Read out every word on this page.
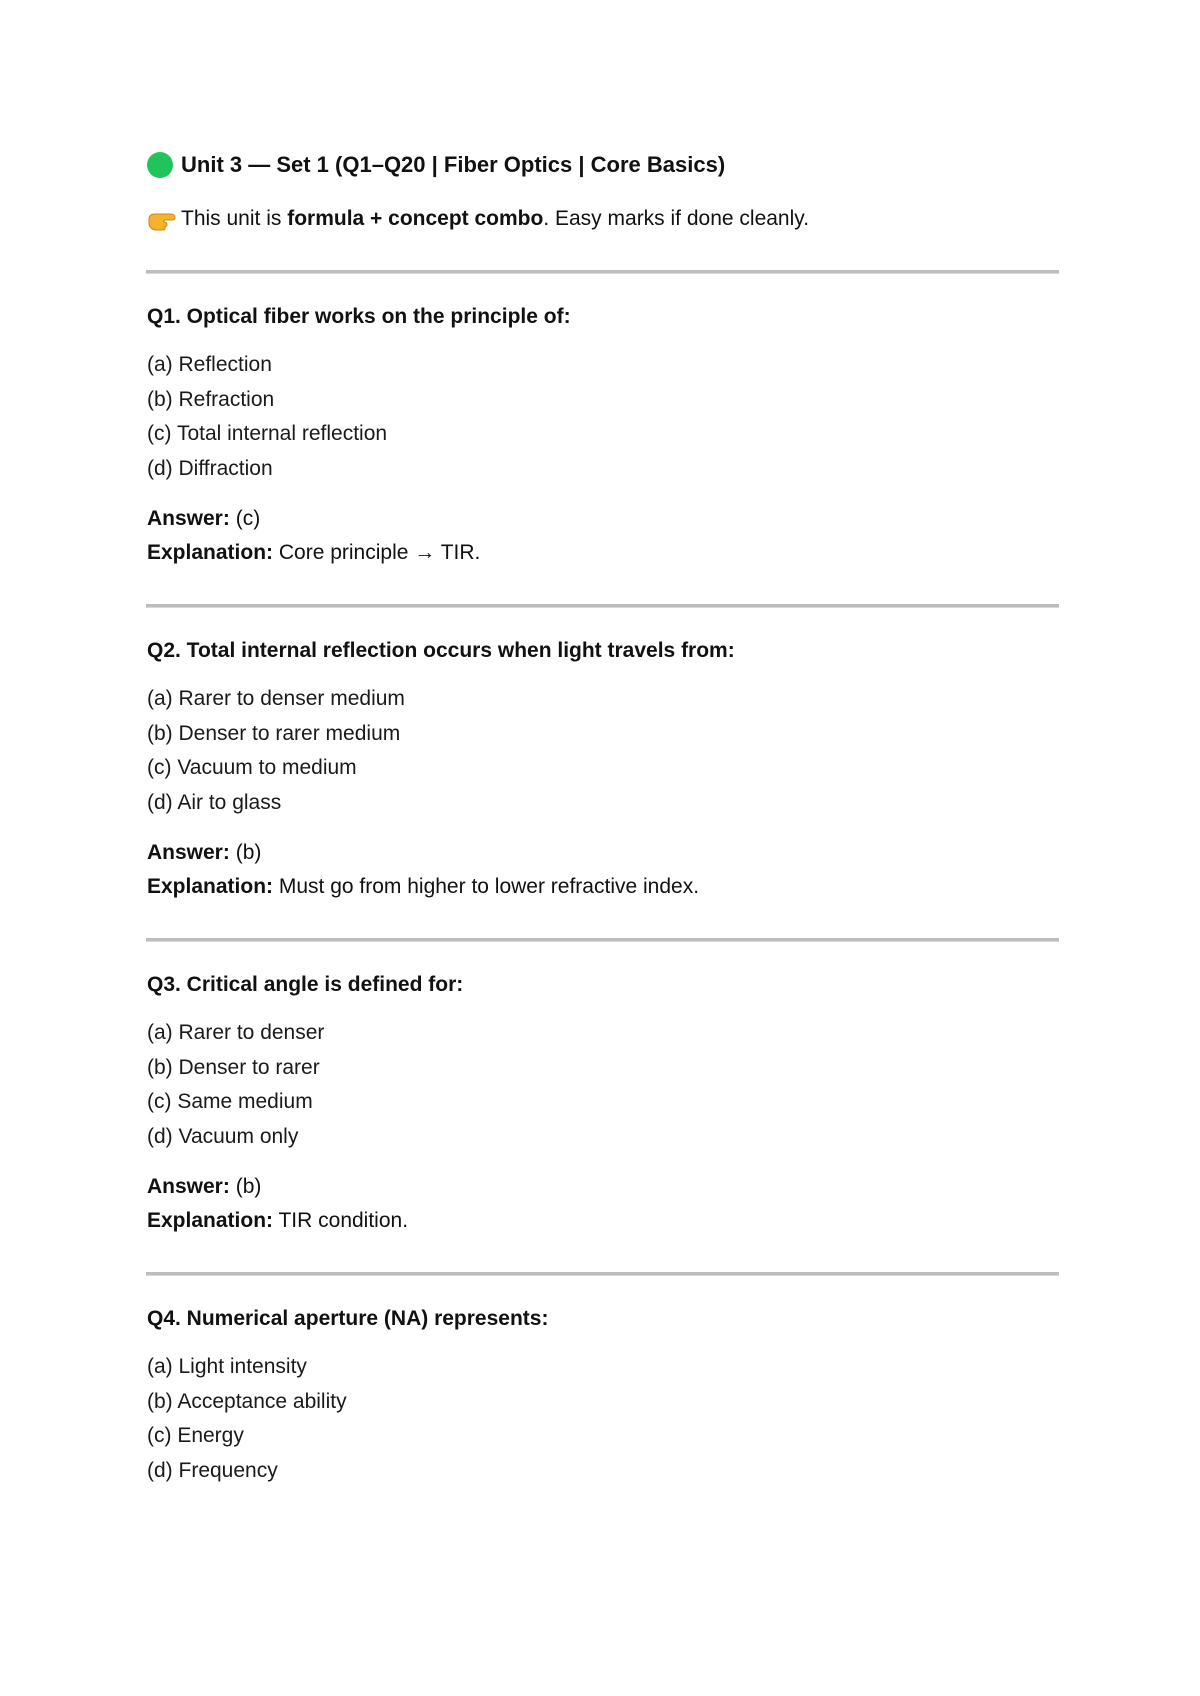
Unit 3 — Set 1 (Q1–Q20 | Fiber Optics | Core Basics)
This unit is formula + concept combo . Easy marks if done cleanly.
Q1. Optical fiber works on the principle of:
(a) Reflection
(b) Refraction
(c) Total internal reflection
(d) Diffraction
Answer: (c)
Explanation: Core principle → TIR.
Q2. Total internal reflection occurs when light travels from:
(a) Rarer to denser medium
(b) Denser to rarer medium
(c) Vacuum to medium
(d) Air to glass
Answer: (b)
Explanation: Must go from higher to lower refractive index.
Q3. Critical angle is defined for:
(a) Rarer to denser
(b) Denser to rarer
(c) Same medium
(d) Vacuum only
Answer: (b)
Explanation: TIR condition.
Q4. Numerical aperture (NA) represents:
(a) Light intensity
(b) Acceptance ability
(c) Energy
(d) Frequency
